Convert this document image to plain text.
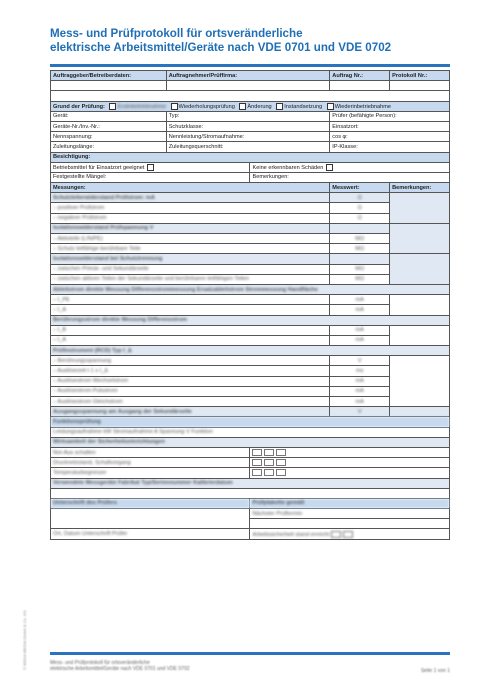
Mess- und Prüfprotokoll für ortsveränderliche
elektrische Arbeitsmittel/Geräte nach VDE 0701 und VDE 0702
Auftraggeber/Betreiberdaten:	Auftragnehmer/Prüffirma:		Auftrag Nr.:	Protokoll Nr.:

Grund der Prüfung: Erstinbetriebnahme Wiederholungsprüfung Änderung Instandsetzung Wiederinbetriebnahme				
Gerät:	Typ:		Prüfer (befähigte Person):	
Geräte-Nr./Inv.-Nr.:	Schutzklasse:		Einsatzort:	
Nennspannung:	Nennleistung/Stromaufnahme:		cos φ:	
Zuleitungslänge:	Zuleitungsquerschnitt:		IP-Klasse:	
Besichtigung:				
Betriebsmittel für Einsatzort geeignet		Keine erkennbaren Schäden		
Festgestellte Mängel:		Bemerkungen:		
Messungen:			Messwert:	Bemerkungen:
Schutzleiterwiderstand Prüfstrom: mA			Ω	
– positiver Prüfstrom			Ω	
– negativer Prüfstrom			Ω	
Isolationswiderstand Prüfspannung V				
– Aktivteile (L/N/PE)			MΩ	
– Schutz leitfähige berührbare Teile			MΩ	
Isolationswiderstand bei Schutztrennung				
– zwischen Primär- und Sekundärseite			MΩ	
– zwischen aktiven Teilen der Sekundärseite und berührbaren leitfähigen Teilen			MΩ	
Ableitstrom direkte Messung Differenzstrommessung Ersatzableitstrom Strommessung Handfläche				
– I_PE			mA	
– I_A			mA	
Berührungsstrom direkte Messung Differenzstrom				
– I_B			mA	
– I_A			mA	
Prüfinstrument (RCD) Typ I_Δ				
– Berührungsspannung			V	
– Auslösezeit t 1 x I_Δ			ms	
– Auslösestrom Wechselstrom			mA	
– Auslösestrom Pulsstrom			mA	
– Auslösestrom Gleichstrom			mA	
Ausgangsspannung am Ausgang der Sekundärseite			V	
Funktionsprüfung				
Leistungsaufnahme kW Stromaufnahme A Spannung V Funktion				
Wirksamkeit der Sicherheitseinrichtungen				
Not-Aus schalten				
Drucknetzstand, Schaltvorgang				
Temperaturbegrenzer				
Verwendete Messgeräte Fabrikat Typ/Seriennummer Kalibrierdatum				

Unterschrift des Prüfers		Prüfplakette gemäß		
		Nächster Prüftermin		

Ort, Datum Unterschrift Prüfer		Arbeitssicherheit stand erreicht		
© WEKA MEDIA GmbH & Co. KG	Mess- und Prüfprotokoll für ortsveränderliche
elektrische Arbeitsmittel/Geräte nach VDE 0701 und VDE 0702	Seite 1 von 1
